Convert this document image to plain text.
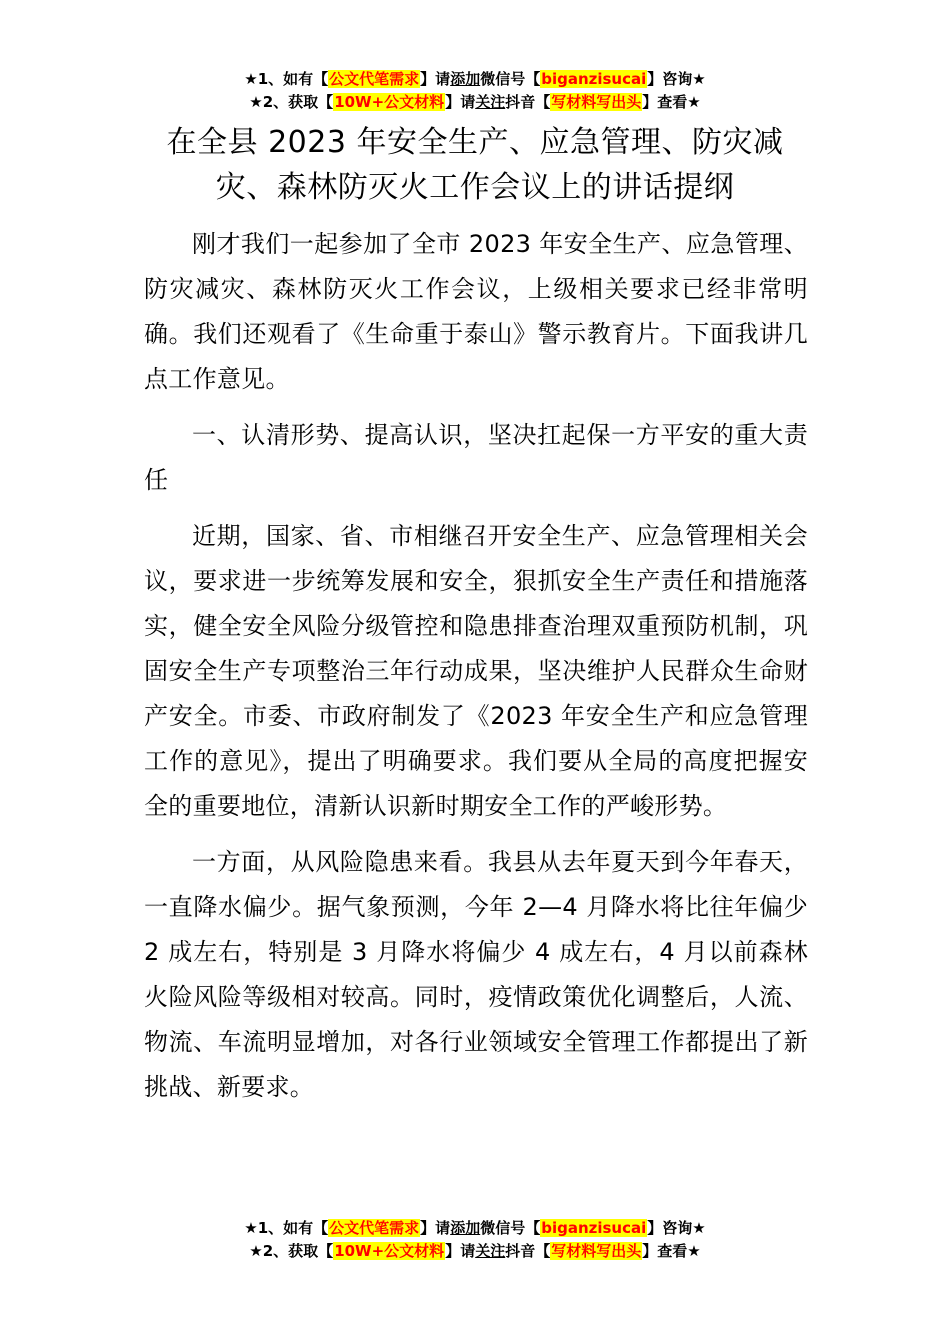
★1、如有【公文代笔需求】请添加微信号【biganzisucai】咨询★
★2、获取【10W+公文材料】请关注抖音【写材料写出头】查看★
在全县 2023 年安全生产、应急管理、防灾减
灾、森林防灭火工作会议上的讲话提纲

刚才我们一起参加了全市 2023 年安全生产、应急管理、防灾减灾、森林防灭火工作会议，上级相关要求已经非常明确。我们还观看了《生命重于泰山》警示教育片。下面我讲几点工作意见。

一、认清形势、提高认识，坚决扛起保一方平安的重大责任

近期，国家、省、市相继召开安全生产、应急管理相关会议，要求进一步统筹发展和安全，狠抓安全生产责任和措施落实，健全安全风险分级管控和隐患排查治理双重预防机制，巩固安全生产专项整治三年行动成果，坚决维护人民群众生命财产安全。市委、市政府制发了《2023 年安全生产和应急管理工作的意见》，提出了明确要求。我们要从全局的高度把握安全的重要地位，清新认识新时期安全工作的严峻形势。

一方面，从风险隐患来看。我县从去年夏天到今年春天，一直降水偏少。据气象预测，今年 2—4 月降水将比往年偏少 2 成左右，特别是 3 月降水将偏少 4 成左右，4 月以前森林火险风险等级相对较高。同时，疫情政策优化调整后，人流、物流、车流明显增加，对各行业领域安全管理工作都提出了新挑战、新要求。

★1、如有【公文代笔需求】请添加微信号【biganzisucai】咨询★
★2、获取【10W+公文材料】请关注抖音【写材料写出头】查看★
